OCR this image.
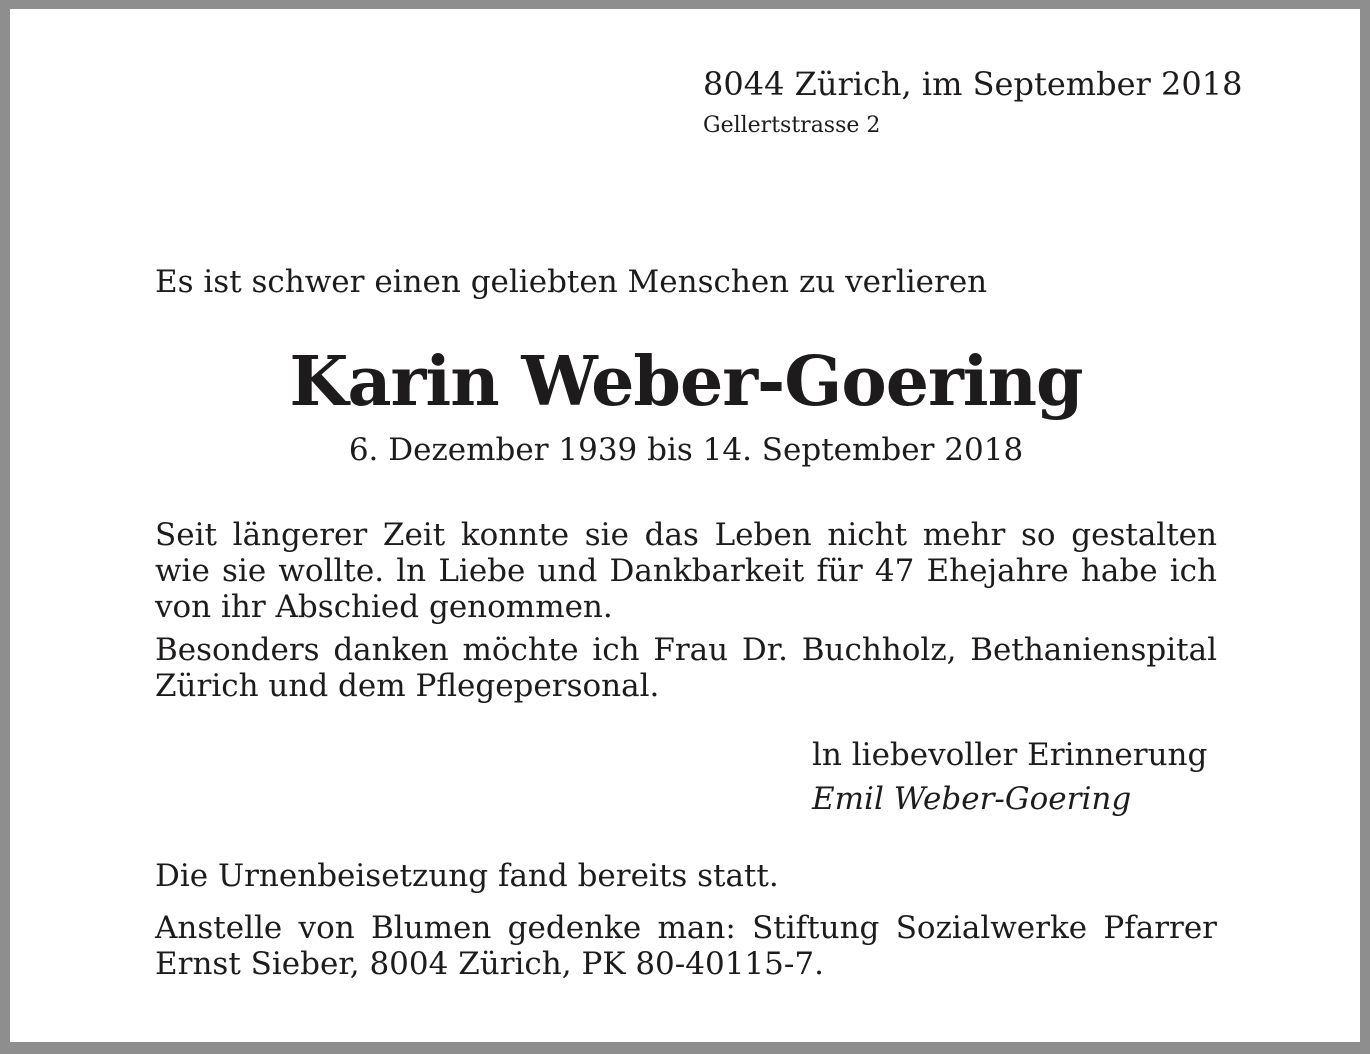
8044 Zürich, im September 2018
Gellertstrasse 2
Es ist schwer einen geliebten Menschen zu verlieren
Karin Weber-Goering
6. Dezember 1939 bis 14. September 2018
Seit längerer Zeit konnte sie das Leben nicht mehr so gestalten wie sie wollte. ln Liebe und Dankbarkeit für 47 Ehejahre habe ich von ihr Abschied genommen.
Besonders danken möchte ich Frau Dr. Buchholz, Bethanienspital Zürich und dem Pflegepersonal.
ln liebevoller Erinnerung
Emil Weber-Goering
Die Urnenbeisetzung fand bereits statt.
Anstelle von Blumen gedenke man: Stiftung Sozialwerke Pfarrer Ernst Sieber, 8004 Zürich, PK 80-40115-7.
